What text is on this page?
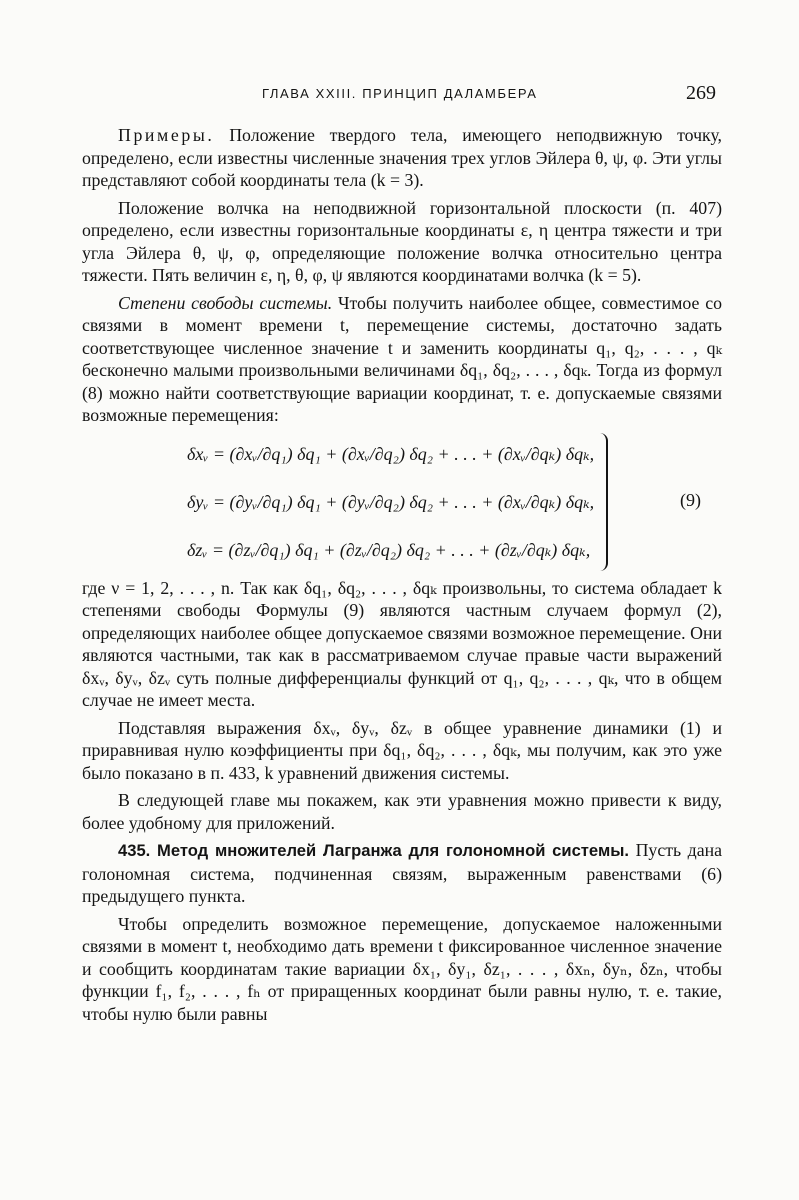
ГЛАВА XXIII. ПРИНЦИП ДАЛАМБЕРА	269

Примеры. Положение твердого тела, имеющего неподвижную точку, определено, если известны численные значения трех углов Эйлера θ, ψ, φ. Эти углы представляют собой координаты тела (k = 3).

Положение волчка на неподвижной горизонтальной плоскости (п. 407) определено, если известны горизонтальные координаты ε, η центра тяжести и три угла Эйлера θ, ψ, φ, определяющие положение волчка относительно центра тяжести. Пять величин ε, η, θ, φ, ψ являются координатами волчка (k = 5).

Степени свободы системы. Чтобы получить наиболее общее, совместимое со связями в момент времени t, перемещение системы, достаточно задать соответствующее численное значение t и заменить координаты q₁, q₂, . . . , qₖ бесконечно малыми произвольными величинами δq₁, δq₂, . . . , δqₖ. Тогда из формул (8) можно найти соответствующие вариации координат, т. е. допускаемые связями возможные перемещения:

δxᵥ = (∂xᵥ/∂q₁) δq₁ + (∂xᵥ/∂q₂) δq₂ + . . . + (∂xᵥ/∂qₖ) δqₖ,
δyᵥ = (∂yᵥ/∂q₁) δq₁ + (∂yᵥ/∂q₂) δq₂ + . . . + (∂xᵥ/∂qₖ) δqₖ,
δzᵥ = (∂zᵥ/∂q₁) δq₁ + (∂zᵥ/∂q₂) δq₂ + . . . + (∂zᵥ/∂qₖ) δqₖ,
(9)

где ν = 1, 2, . . . , n. Так как δq₁, δq₂, . . . , δqₖ произвольны, то система обладает k степенями свободы Формулы (9) являются частным случаем формул (2), определяющих наиболее общее допускаемое связями возможное перемещение. Они являются частными, так как в рассматриваемом случае правые части выражений δxᵥ, δyᵥ, δzᵥ суть полные дифференциалы функций от q₁, q₂, . . . , qₖ, что в общем случае не имеет места.

Подставляя выражения δxᵥ, δyᵥ, δzᵥ в общее уравнение динамики (1) и приравнивая нулю коэффициенты при δq₁, δq₂, . . . , δqₖ, мы получим, как это уже было показано в п. 433, k уравнений движения системы.

В следующей главе мы покажем, как эти уравнения можно привести к виду, более удобному для приложений.

435. Метод множителей Лагранжа для голономной системы. Пусть дана голономная система, подчиненная связям, выраженным равенствами (6) предыдущего пункта.

Чтобы определить возможное перемещение, допускаемое наложенными связями в момент t, необходимо дать времени t фиксированное численное значение и сообщить координатам такие вариации δx₁, δy₁, δz₁, . . . , δxₙ, δyₙ, δzₙ, чтобы функции f₁, f₂, . . . , fₕ от приращенных координат были равны нулю, т. е. такие, чтобы нулю были равны
